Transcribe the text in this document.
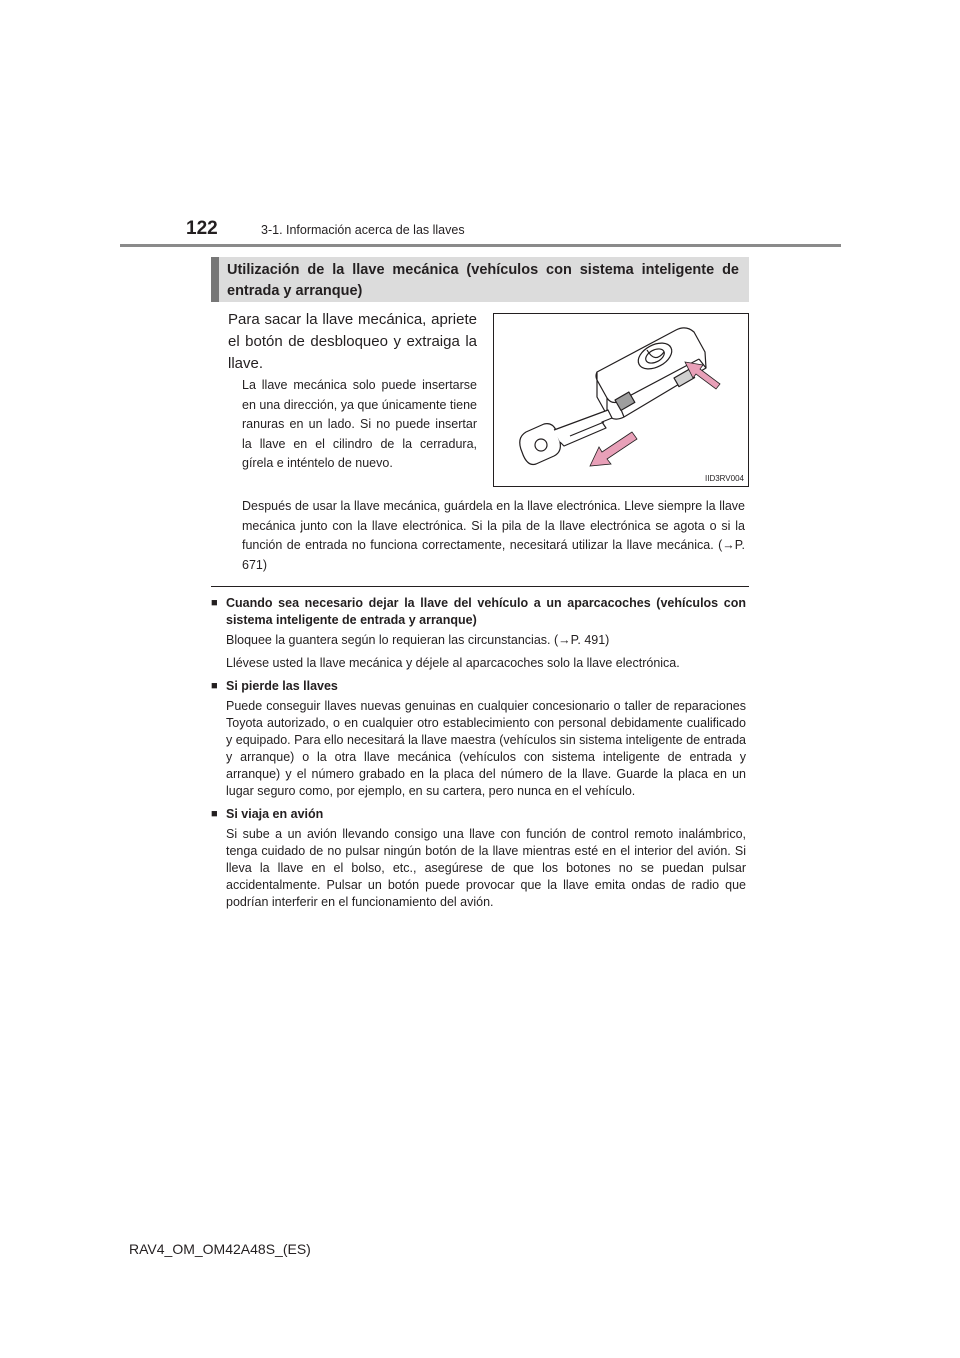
122	3-1. Información acerca de las llaves
Utilización de la llave mecánica (vehículos con sistema inteligente de entrada y arranque)
Para sacar la llave mecánica, apriete el botón de desbloqueo y extraiga la llave.
La llave mecánica solo puede insertarse en una dirección, ya que únicamente tiene ranuras en un lado. Si no puede insertar la llave en el cilindro de la cerradura, gírela e inténtelo de nuevo.
IID3RV004
Después de usar la llave mecánica, guárdela en la llave electrónica. Lleve siempre la llave mecánica junto con la llave electrónica. Si la pila de la llave electrónica se agota o si la función de entrada no funciona correctamente, necesitará utilizar la llave mecánica. (→P. 671)
■ Cuando sea necesario dejar la llave del vehículo a un aparcacoches (vehículos con sistema inteligente de entrada y arranque)
Bloquee la guantera según lo requieran las circunstancias. (→P. 491)
Llévese usted la llave mecánica y déjele al aparcacoches solo la llave electrónica.
■ Si pierde las llaves
Puede conseguir llaves nuevas genuinas en cualquier concesionario o taller de reparaciones Toyota autorizado, o en cualquier otro establecimiento con personal debidamente cualificado y equipado. Para ello necesitará la llave maestra (vehículos sin sistema inteligente de entrada y arranque) o la otra llave mecánica (vehículos con sistema inteligente de entrada y arranque) y el número grabado en la placa del número de la llave. Guarde la placa en un lugar seguro como, por ejemplo, en su cartera, pero nunca en el vehículo.
■ Si viaja en avión
Si sube a un avión llevando consigo una llave con función de control remoto inalámbrico, tenga cuidado de no pulsar ningún botón de la llave mientras esté en el interior del avión. Si lleva la llave en el bolso, etc., asegúrese de que los botones no se puedan pulsar accidentalmente. Pulsar un botón puede provocar que la llave emita ondas de radio que podrían interferir en el funcionamiento del avión.
RAV4_OM_OM42A48S_(ES)
